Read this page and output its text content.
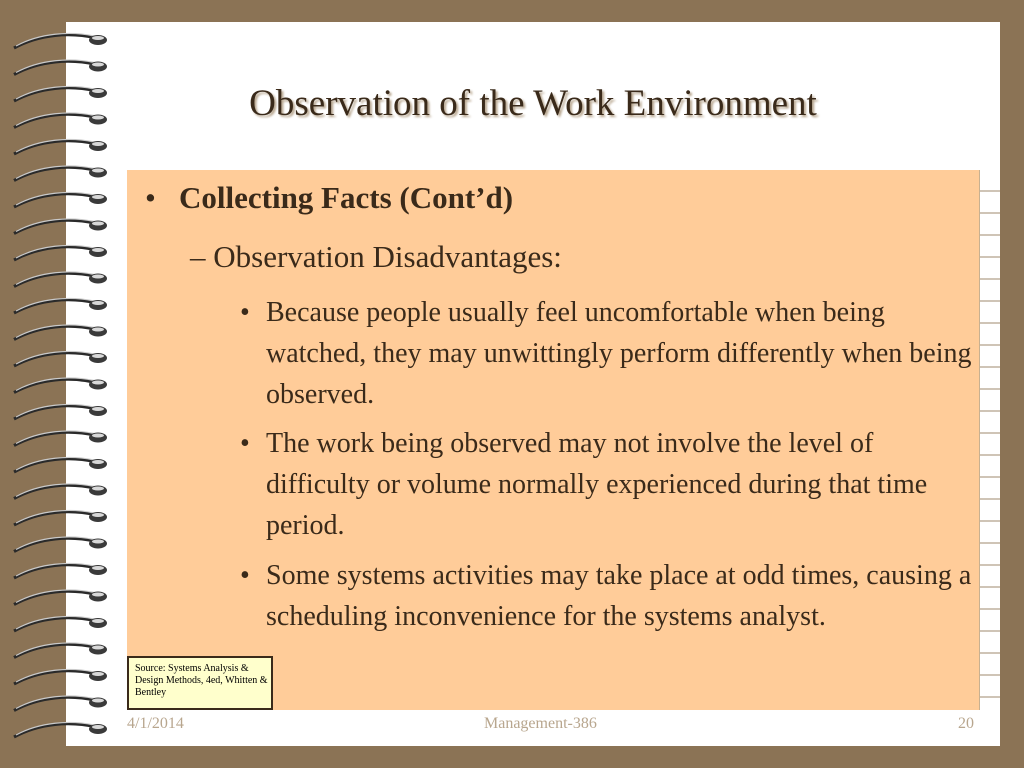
Observation of the Work Environment
• Collecting Facts (Cont’d)
– Observation Disadvantages:
• Because people usually feel uncomfortable when being watched, they may unwittingly perform differently when being observed.
• The work being observed may not involve the level of difficulty or volume normally experienced during that time period.
• Some systems activities may take place at odd times, causing a scheduling inconvenience for the systems analyst.
Source: Systems Analysis & Design Methods, 4ed, Whitten & Bentley
4/1/2014	Management-386	20
